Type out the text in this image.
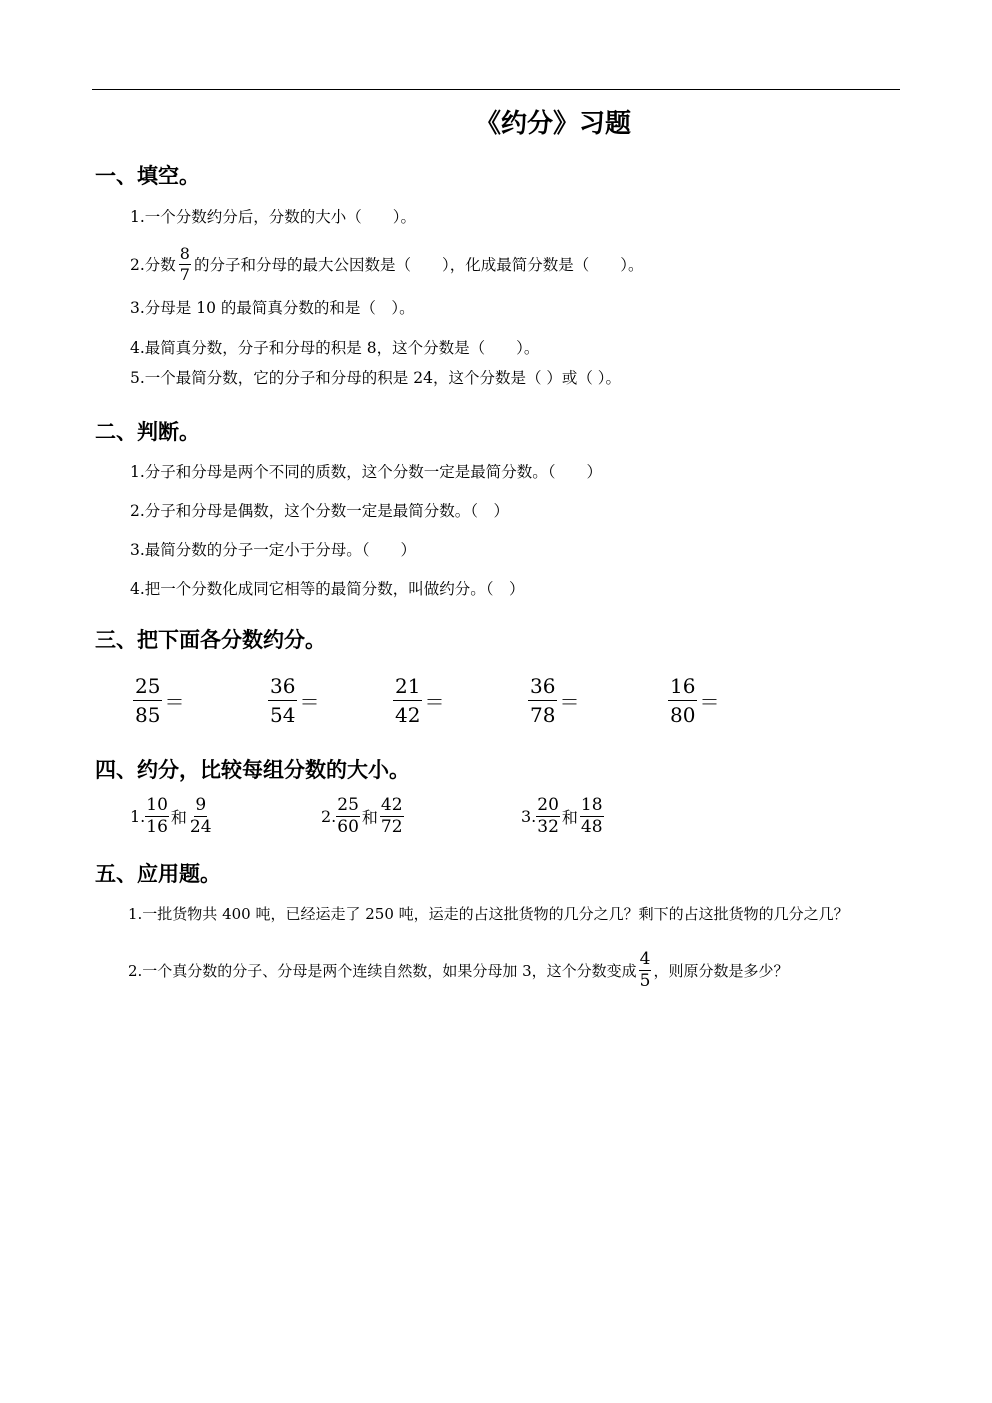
《约分》习题
一、填空。
1.一个分数约分后，分数的大小（　　）。
2.分数 $\frac{8}{7}$ 的分子和分母的最大公因数是（　　），化成最简分数是（　　）。
3.分母是 10 的最简真分数的和是（　）。
4.最简真分数，分子和分母的积是 8，这个分数是（　　）。
5.一个最简分数，它的分子和分母的积是 24，这个分数是（ ）或（ ）。
二、判断。
1.分子和分母是两个不同的质数，这个分数一定是最简分数。（　　）
2.分子和分母是偶数，这个分数一定是最简分数。（　）
3.最简分数的分子一定小于分母。（　　）
4.把一个分数化成同它相等的最简分数，叫做约分。（　）
三、把下面各分数约分。
$\frac{25}{85}$ ＝	$\frac{36}{54}$ ＝	$\frac{21}{42}$ ＝	$\frac{36}{78}$ ＝	$\frac{16}{80}$ ＝
四、约分，比较每组分数的大小。
1. $\frac{10}{16}$ 和 $\frac{9}{24}$	2. $\frac{25}{60}$ 和 $\frac{42}{72}$	3. $\frac{20}{32}$ 和 $\frac{18}{48}$
五、应用题。
1.一批货物共 400 吨，已经运走了 250 吨，运走的占这批货物的几分之几？剩下的占这批货物的几分之几？
2.一个真分数的分子、分母是两个连续自然数，如果分母加 3，这个分数变成 $\frac{4}{5}$ ，则原分数是多少？
